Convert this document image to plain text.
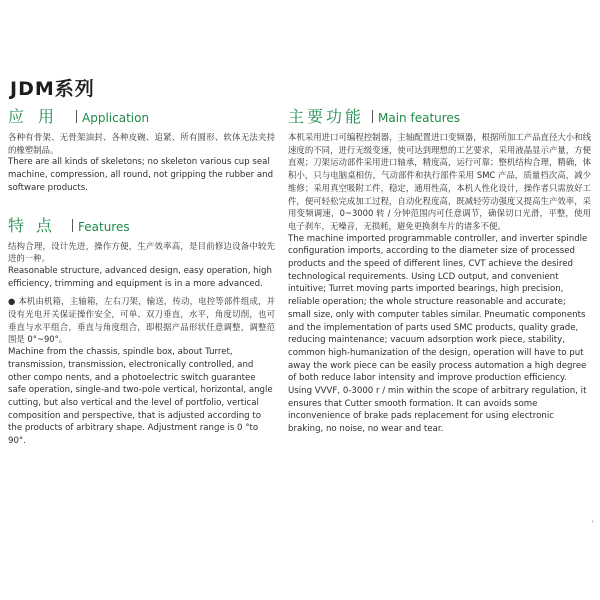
JDM系列
应用 Application

各种有骨架、无骨架油封、各种皮碗、追紧、所有圆形、软体无法夹持的橡塑制品。

There are all kinds of skeletons; no skeleton various cup seal machine, compression, all round, not gripping the rubber and software products.

特点 Features

结构合理，设计先进，操作方便，生产效率高，是目前修边设备中较先进的一种。

Reasonable structure, advanced design, easy operation, high efficiency, trimming and equipment is in a more advanced.

● 本机由机箱，主轴箱，左右刀架，输送，传动，电控等部件组成，并设有光电开关保证操作安全，可单、双刀垂直，水平，角度切削，也可垂直与水平组合，垂直与角度组合，即根据产品形状任意调整，调整范围是 0°~90°。

Machine from the chassis, spindle box, about Turret, transmission, transmission, electronically controlled, and other compo nents, and a photoelectric switch guarantee safe operation, single-and two-pole vertical, horizontal, angle cutting, but also vertical and the level of portfolio, vertical composition and perspective, that is adjusted according to the products of arbitrary shape. Adjustment range is 0 °to 90°.

主要功能 Main features

本机采用进口可编程控制器，主轴配置进口变频器，根据所加工产品直径大小和线速度的不同，进行无级变速，使可达到理想的工艺要求，采用液晶显示产量，方便直观；刀架运动部件采用进口轴承，精度高，运行可靠；整机结构合理，精确，体积小，只与电脑桌相仿，气动部件和执行部件采用 SMC 产品，质量档次高，减少维修；采用真空吸附工件，稳定，通用性高，本机人性化设计，操作者只需放好工件，便可轻松完成加工过程，自动化程度高，既减轻劳动强度又提高生产效率，采用变频调速，0~3000 转 / 分钟范围内可任意调节，确保切口光滑，平整，使用电子刹车，无噪音，无损耗，避免更换刹车片的诸多不便。

The machine imported programmable controller, and inverter spindle configuration imports, according to the diameter size of processed products and the speed of different lines, CVT achieve the desired technological requirements. Using LCD output, and convenient intuitive; Turret moving parts imported bearings, high precision, reliable operation; the whole structure reasonable and accurate; small size, only with computer tables similar. Pneumatic components and the implementation of parts used SMC products, quality grade, reducing maintenance; vacuum adsorption work piece, stability, common high-humanization of the design, operation will have to put away the work piece can be easily process automation a high degree of both reduce labor intensity and improve production efficiency. Using VVVF, 0-3000 r / min within the scope of arbitrary regulation, it ensures that Cutter smooth formation. It can avoids some inconvenience of brake pads replacement for using electronic braking, no noise, no wear and tear.

'
